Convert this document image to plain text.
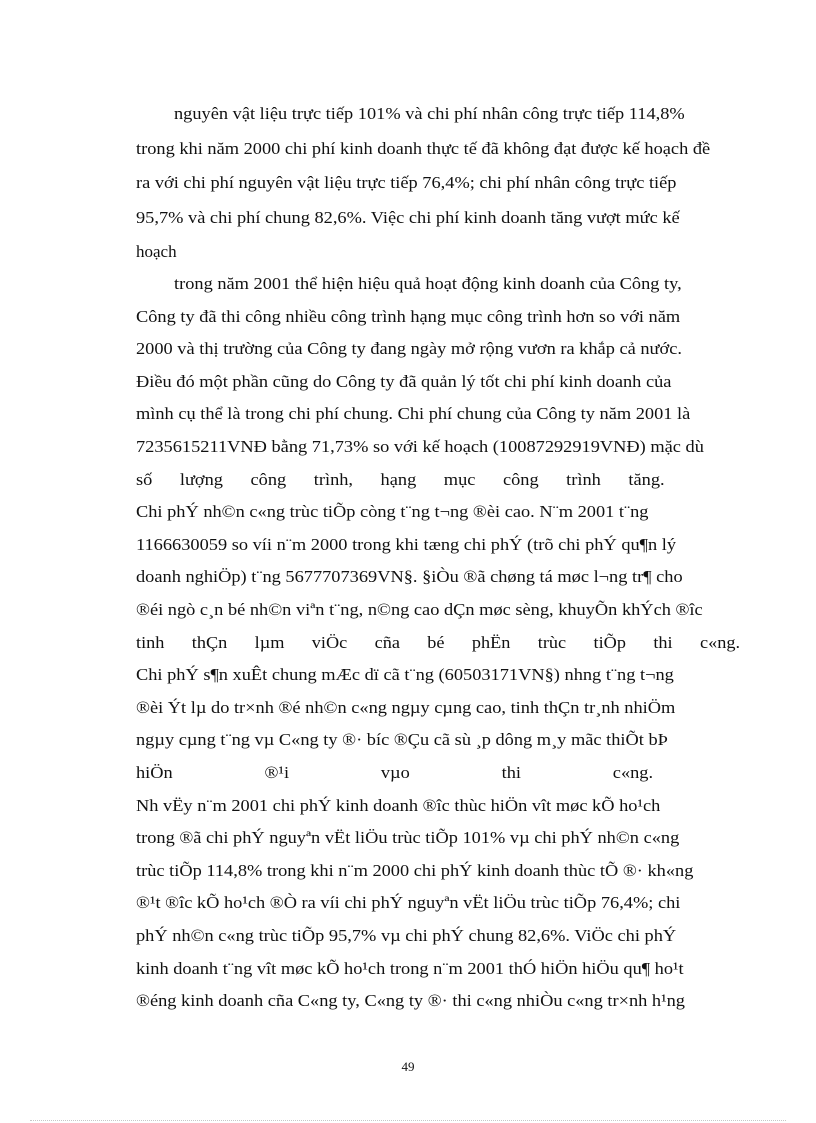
nguyên vật liệu trực tiếp 101% và chi phí nhân công trực tiếp 114,8%
trong khi năm 2000 chi phí kinh doanh thực tế đã không đạt được kế hoạch đề
ra với chi phí nguyên vật liệu trực tiếp 76,4%; chi phí nhân công trực tiếp
95,7% và chi phí chung 82,6%. Việc chi phí kinh doanh tăng vượt mức kế
hoạch
trong năm 2001 thể hiện hiệu quả hoạt động kinh doanh của Công ty,
Công ty đã thi công nhiều công trình hạng mục công trình hơn so với năm
2000 và thị trường của Công ty đang ngày mở rộng vươn ra khắp cả nước.
Điều đó một phần cũng do Công ty đã quản lý tốt chi phí kinh doanh của
mình cụ thể là trong chi phí chung. Chi phí chung của Công ty năm 2001 là
7235615211VNĐ bằng 71,73% so với kế hoạch (10087292919VNĐ) mặc dù
số      lượng      công      trình,      hạng      mục      công      trình      tăng.
Chi phÝ nh©n c«ng trùc tiÕp còng t¨ng t¬ng ®èi cao. N¨m 2001 t¨ng
1166630059 so víi n¨m 2000 trong khi tæng chi phÝ (trõ chi phÝ qu¶n lý
doanh nghiÖp) t¨ng 5677707369VN§. §iÒu ®ã chøng tá møc l¬ng tr¶ cho
®éi ngò c¸n bé nh©n viªn t¨ng, n©ng cao dÇn møc sèng, khuyÕn khÝch ®îc
tinh      thÇn      lµm      viÖc      cña      bé      phËn      trùc      tiÕp      thi      c«ng.
Chi phÝ s¶n xuÊt chung mÆc dï cã t¨ng (60503171VN§) nhng t¨ng t¬ng
®èi Ýt lµ do tr×nh ®é nh©n c«ng ngµy cµng cao, tinh thÇn tr¸nh nhiÖm
ngµy cµng t¨ng vµ C«ng ty ®· bíc ®Çu cã sù ¸p dông m¸y mãc thiÕt bÞ
hiÖn                    ®¹i                    vµo                    thi                    c«ng.
Nh vËy n¨m 2001 chi phÝ kinh doanh ®îc thùc hiÖn vît møc kÕ ho¹ch
trong ®ã chi phÝ nguyªn vËt liÖu trùc tiÕp 101% vµ chi phÝ nh©n c«ng
trùc tiÕp 114,8% trong khi n¨m 2000 chi phÝ kinh doanh thùc tÕ ®· kh«ng
®¹t ®îc kÕ ho¹ch ®Ò ra víi chi phÝ nguyªn vËt liÖu trùc tiÕp 76,4%; chi
phÝ nh©n c«ng trùc tiÕp 95,7% vµ chi phÝ chung 82,6%. ViÖc chi phÝ
kinh doanh t¨ng vît møc kÕ ho¹ch trong n¨m 2001 thÓ hiÖn hiÖu qu¶ ho¹t
®éng kinh doanh cña C«ng ty, C«ng ty ®· thi c«ng nhiÒu c«ng tr×nh h¹ng
49
